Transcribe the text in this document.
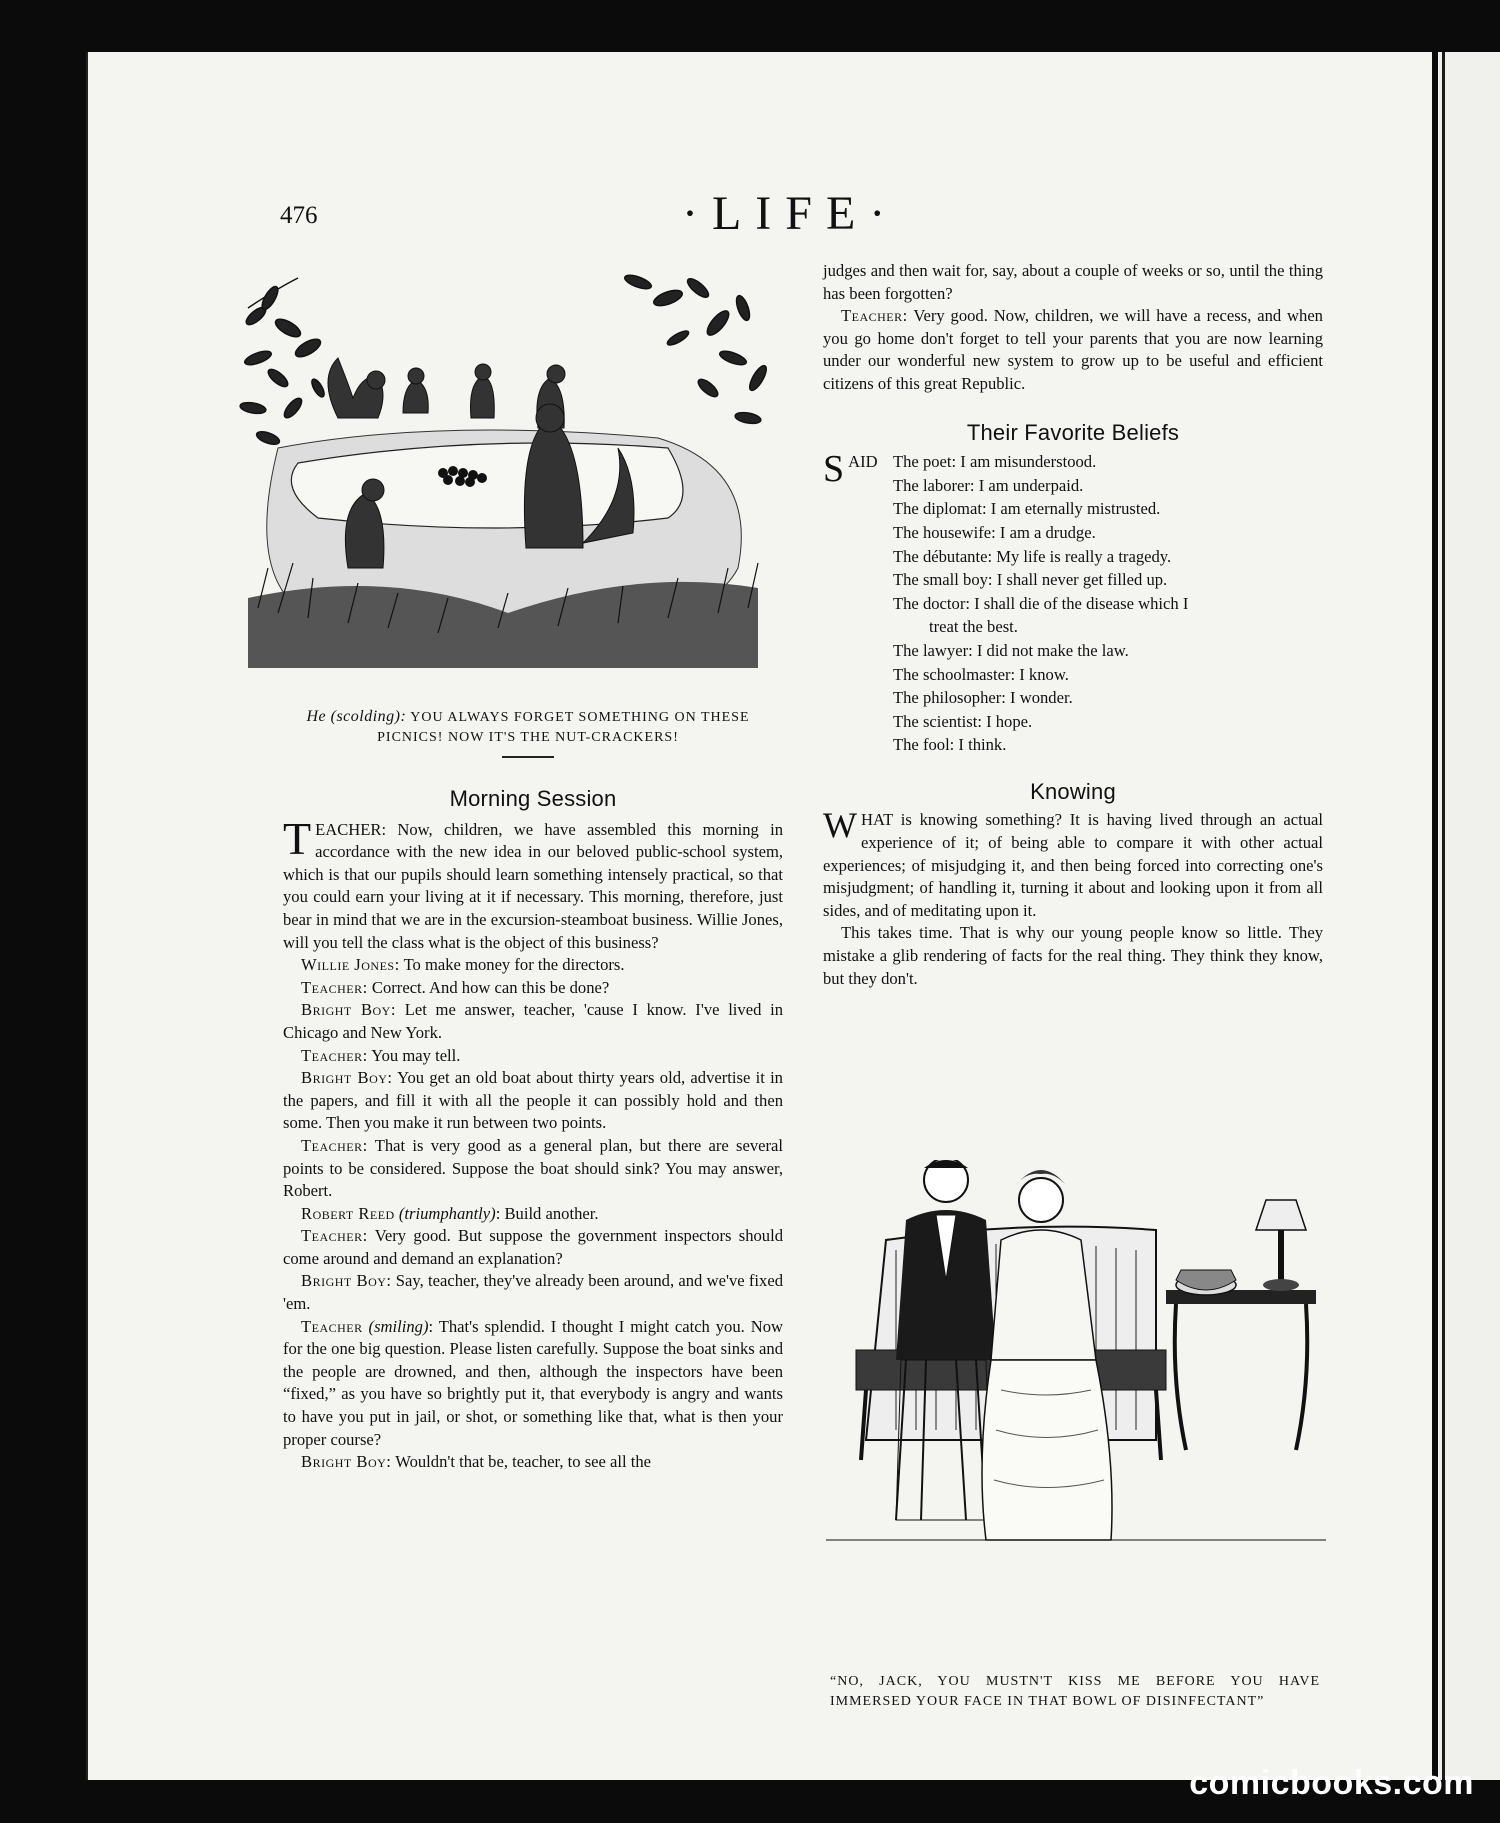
476	·LIFE·
He (scolding): YOU ALWAYS FORGET SOMETHING ON THESE PICNICS! NOW IT'S THE NUT-CRACKERS!
Morning Session

TEACHER: Now, children, we have assembled this morning in accordance with the new idea in our beloved public-school system, which is that our pupils should learn something intensely practical, so that you could earn your living at it if necessary. This morning, therefore, just bear in mind that we are in the excursion-steamboat business. Willie Jones, will you tell the class what is the object of this business?

Willie Jones: To make money for the directors.

Teacher: Correct. And how can this be done?

Bright Boy: Let me answer, teacher, 'cause I know. I've lived in Chicago and New York.

Teacher: You may tell.

Bright Boy: You get an old boat about thirty years old, advertise it in the papers, and fill it with all the people it can possibly hold and then some. Then you make it run between two points.

Teacher: That is very good as a general plan, but there are several points to be considered. Suppose the boat should sink? You may answer, Robert.

Robert Reed (triumphantly): Build another.

Teacher: Very good. But suppose the government inspectors should come around and demand an explanation?

Bright Boy: Say, teacher, they've already been around, and we've fixed 'em.

Teacher (smiling): That's splendid. I thought I might catch you. Now for the one big question. Please listen carefully. Suppose the boat sinks and the people are drowned, and then, although the inspectors have been “fixed,” as you have so brightly put it, that everybody is angry and wants to have you put in jail, or shot, or something like that, what is then your proper course?

Bright Boy: Wouldn't that be, teacher, to see all the

judges and then wait for, say, about a couple of weeks or so, until the thing has been forgotten?

Teacher: Very good. Now, children, we will have a recess, and when you go home don't forget to tell your parents that you are now learning under our wonderful new system to grow up to be useful and efficient citizens of this great Republic.

Their Favorite Beliefs
S AID The poet: I am misunderstood.
The laborer: I am underpaid.
The diplomat: I am eternally mistrusted.
The housewife: I am a drudge.
The débutante: My life is really a tragedy.
The small boy: I shall never get filled up.
The doctor: I shall die of the disease which I
treat the best.
The lawyer: I did not make the law.
The schoolmaster: I know.
The philosopher: I wonder.
The scientist: I hope.
The fool: I think.
Knowing

WHAT is knowing something? It is having lived through an actual experience of it; of being able to compare it with other actual experiences; of misjudging it, and then being forced into correcting one's misjudgment; of handling it, turning it about and looking upon it from all sides, and of meditating upon it.

This takes time. That is why our young people know so little. They mistake a glib rendering of facts for the real thing. They think they know, but they don't.

“NO, JACK, YOU MUSTN'T KISS ME BEFORE YOU HAVE IMMERSED YOUR FACE IN THAT BOWL OF DISINFECTANT”
comicbooks.com
